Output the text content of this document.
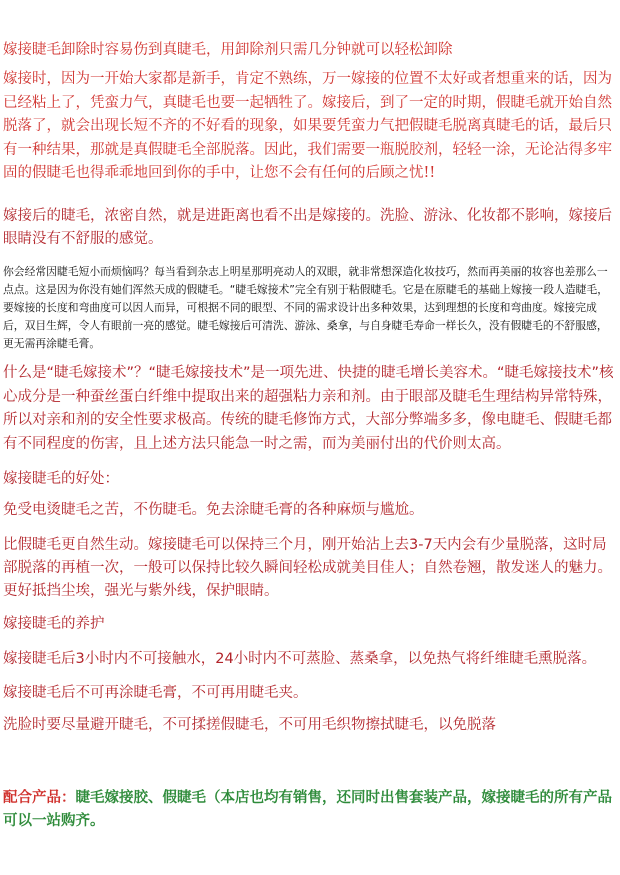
嫁接睫毛卸除时容易伤到真睫毛，用卸除剂只需几分钟就可以轻松卸除

嫁接时，因为一开始大家都是新手，肯定不熟练，万一嫁接的位置不太好或者想重来的话，因为已经粘上了，凭蛮力气，真睫毛也要一起牺牲了。嫁接后，到了一定的时期，假睫毛就开始自然脱落了，就会出现长短不齐的不好看的现象，如果要凭蛮力气把假睫毛脱离真睫毛的话，最后只有一种结果，那就是真假睫毛全部脱落。因此，我们需要一瓶脱胶剂，轻轻一涂，无论沾得多牢固的假睫毛也得乖乖地回到你的手中，让您不会有任何的后顾之忧!!

嫁接后的睫毛，浓密自然，就是进距离也看不出是嫁接的。洗脸、游泳、化妆都不影响，嫁接后眼睛没有不舒服的感觉。

你会经常因睫毛短小而烦恼吗？每当看到杂志上明星那明亮动人的双眼，就非常想深造化妆技巧，然而再美丽的妆容也差那么一点点。这是因为你没有她们浑然天成的假睫毛。“睫毛嫁接术”完全有别于粘假睫毛。它是在原睫毛的基础上嫁接一段人造睫毛，要嫁接的长度和弯曲度可以因人而异，可根据不同的眼型、不同的需求设计出多种效果，达到理想的长度和弯曲度。嫁接完成后，双目生辉，令人有眼前一亮的感觉。睫毛嫁接后可清洗、游泳、桑拿，与自身睫毛寿命一样长久，没有假睫毛的不舒服感，更无需再涂睫毛膏。

什么是“睫毛嫁接术”？“睫毛嫁接技术”是一项先进、快捷的睫毛增长美容术。“睫毛嫁接技术”核心成分是一种蚕丝蛋白纤维中提取出来的超强粘力亲和剂。由于眼部及睫毛生理结构异常特殊，所以对亲和剂的安全性要求极高。传统的睫毛修饰方式，大部分弊端多多，像电睫毛、假睫毛都有不同程度的伤害，且上述方法只能急一时之需，而为美丽付出的代价则太高。

嫁接睫毛的好处：

免受电烫睫毛之苦，不伤睫毛。免去涂睫毛膏的各种麻烦与尴尬。

比假睫毛更自然生动。嫁接睫毛可以保持三个月，刚开始沾上去3-7天内会有少量脱落，这时局部脱落的再植一次，一般可以保持比较久瞬间轻松成就美目佳人；自然卷翘，散发迷人的魅力。更好抵挡尘埃，强光与紫外线，保护眼睛。

嫁接睫毛的养护

嫁接睫毛后3小时内不可接触水，24小时内不可蒸脸、蒸桑拿，以免热气将纤维睫毛熏脱落。

嫁接睫毛后不可再涂睫毛膏，不可再用睫毛夹。

洗脸时要尽量避开睫毛，不可揉搓假睫毛，不可用毛织物擦拭睫毛，以免脱落

配合产品：睫毛嫁接胶、假睫毛（本店也均有销售，还同时出售套装产品，嫁接睫毛的所有产品可以一站购齐。
